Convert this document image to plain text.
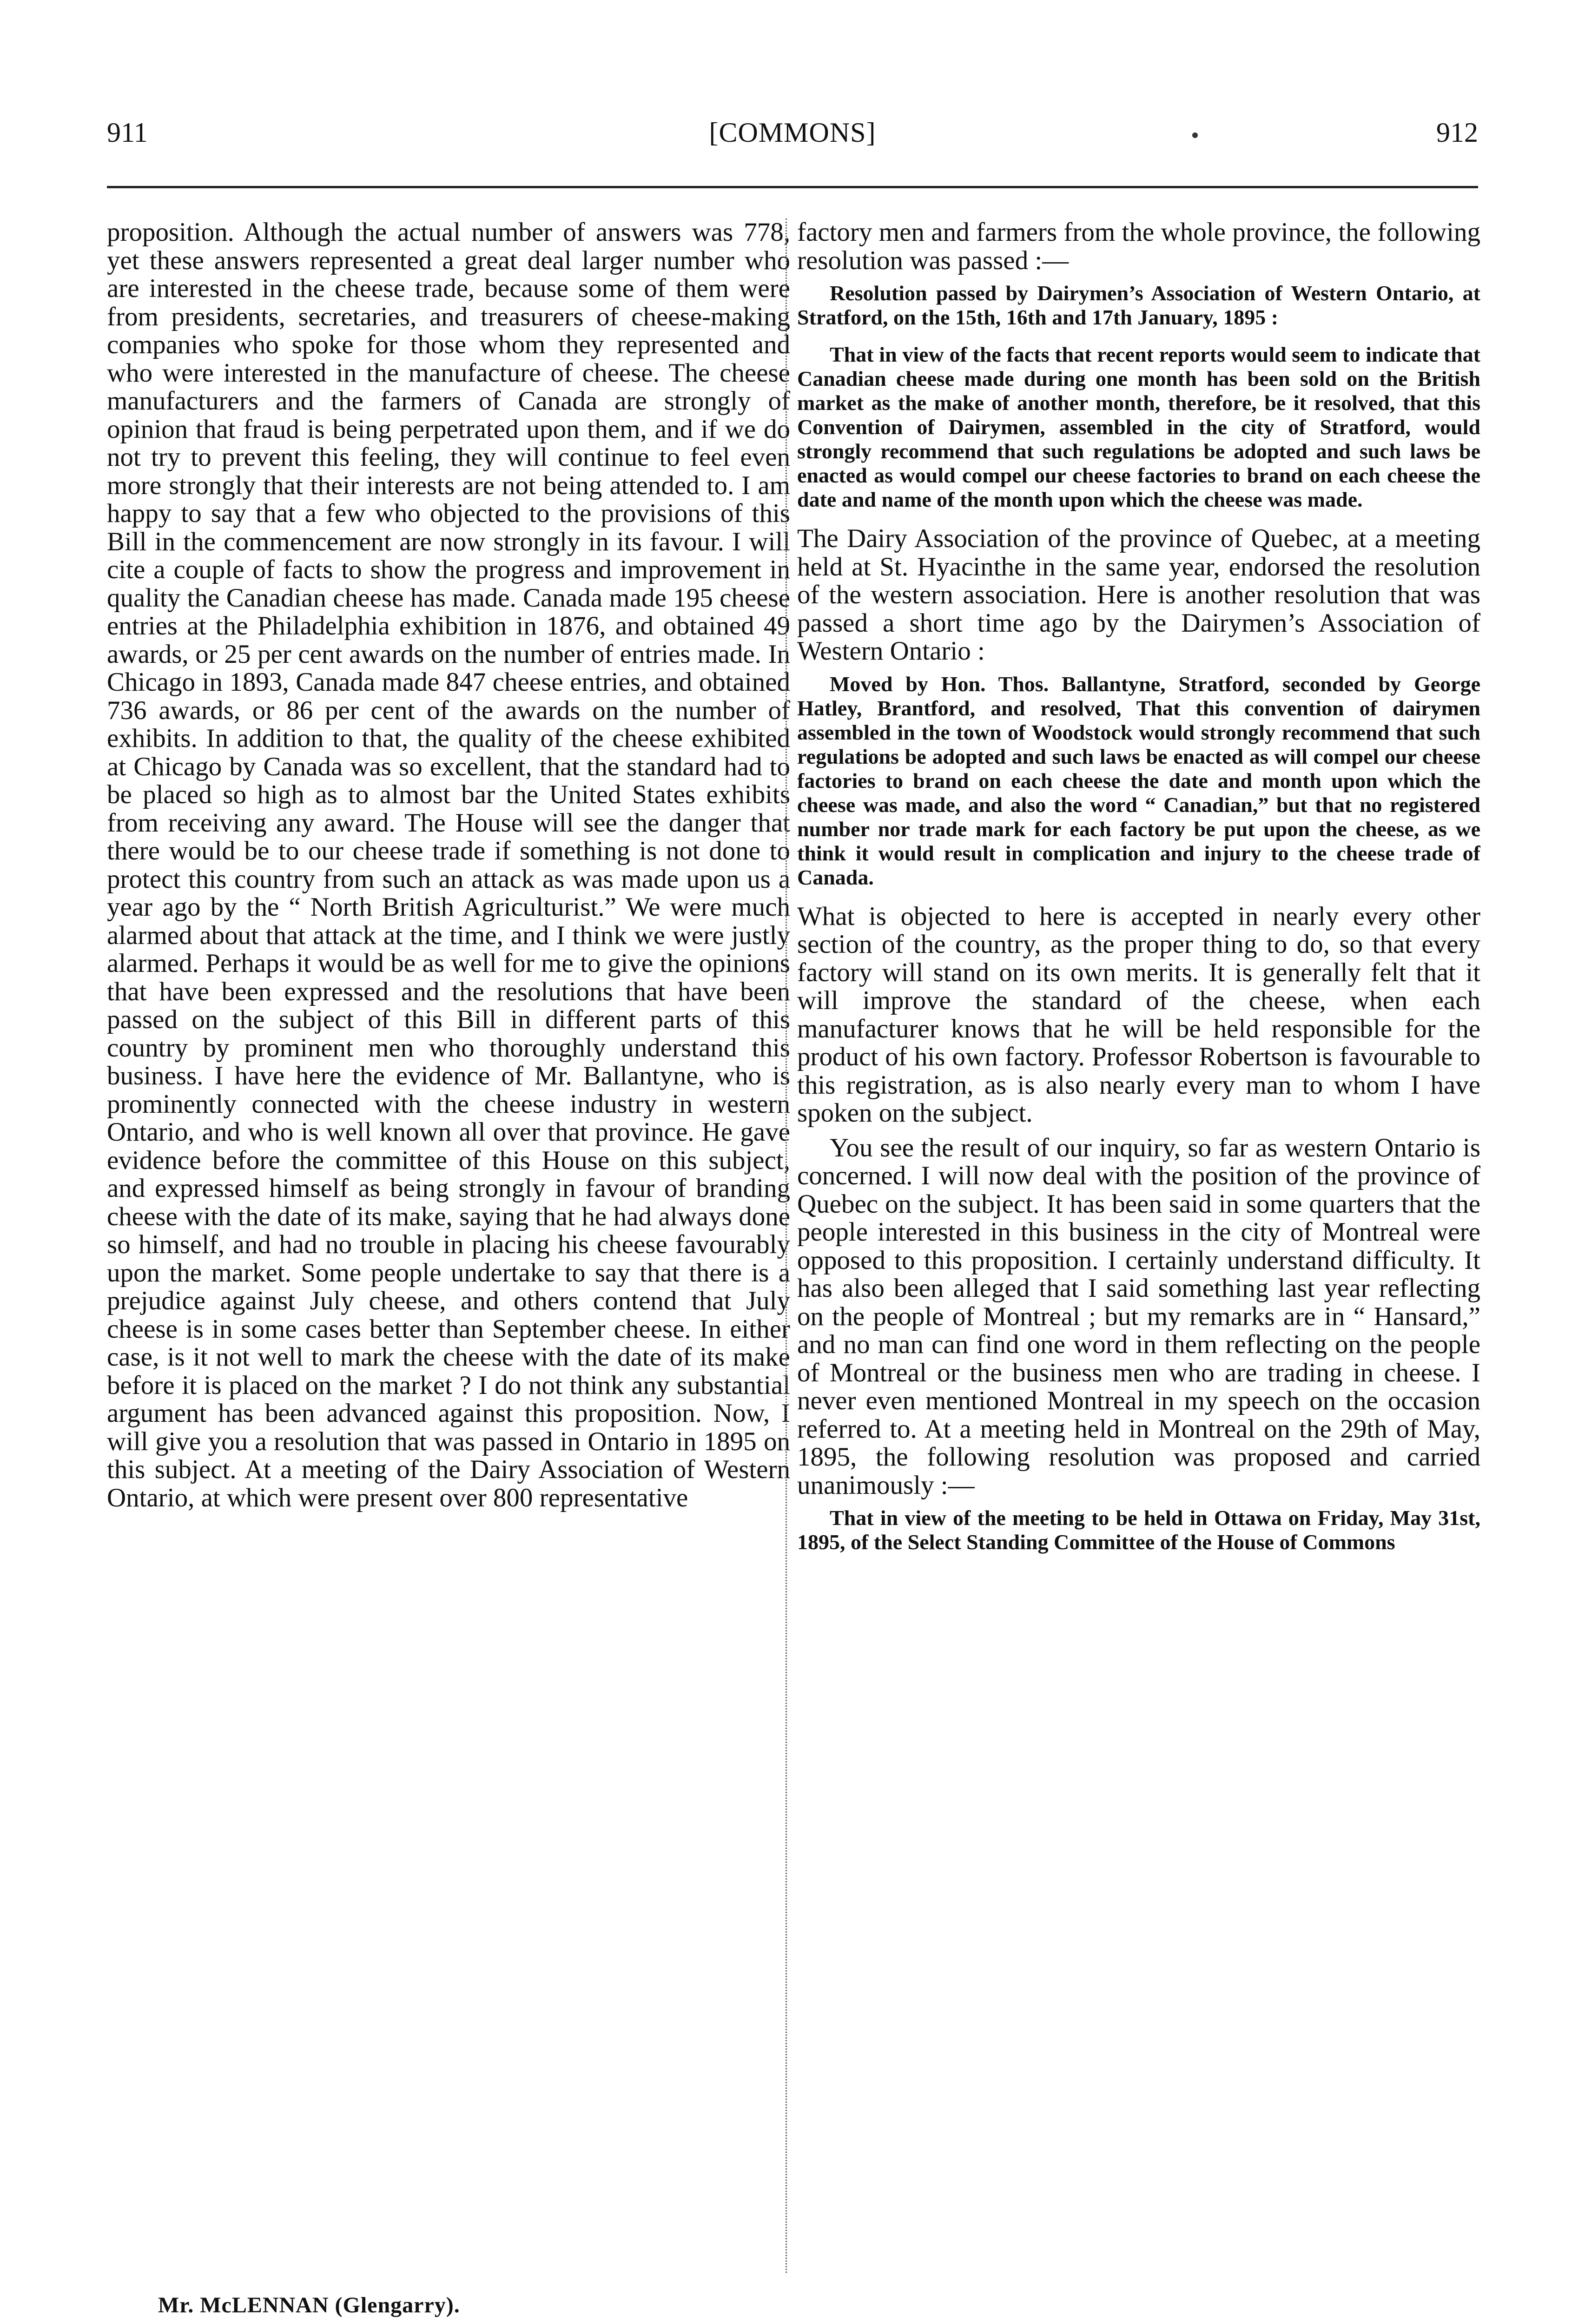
911	[COMMONS]	912

proposition. Although the actual number of answers was 778, yet these answers represented a great deal larger number who are interested in the cheese trade, because some of them were from presidents, secretaries, and treasurers of cheese-making companies who spoke for those whom they represented and who were interested in the manufacture of cheese. The cheese manufacturers and the farmers of Canada are strongly of opinion that fraud is being perpetrated upon them, and if we do not try to prevent this feeling, they will continue to feel even more strongly that their interests are not being attended to. I am happy to say that a few who objected to the provisions of this Bill in the commencement are now strongly in its favour. I will cite a couple of facts to show the progress and improvement in quality the Canadian cheese has made. Canada made 195 cheese entries at the Philadelphia exhibition in 1876, and obtained 49 awards, or 25 per cent awards on the number of entries made. In Chicago in 1893, Canada made 847 cheese entries, and obtained 736 awards, or 86 per cent of the awards on the number of exhibits. In addition to that, the quality of the cheese exhibited at Chicago by Canada was so excellent, that the standard had to be placed so high as to almost bar the United States exhibits from receiving any award. The House will see the danger that there would be to our cheese trade if something is not done to protect this country from such an attack as was made upon us a year ago by the “ North British Agriculturist.” We were much alarmed about that attack at the time, and I think we were justly alarmed. Perhaps it would be as well for me to give the opinions that have been expressed and the resolutions that have been passed on the subject of this Bill in different parts of this country by prominent men who thoroughly understand this business. I have here the evidence of Mr. Ballantyne, who is prominently connected with the cheese industry in western Ontario, and who is well known all over that province. He gave evidence before the committee of this House on this subject, and expressed himself as being strongly in favour of branding cheese with the date of its make, saying that he had always done so himself, and had no trouble in placing his cheese favourably upon the market. Some people undertake to say that there is a prejudice against July cheese, and others contend that July cheese is in some cases better than September cheese. In either case, is it not well to mark the cheese with the date of its make before it is placed on the market ? I do not think any substantial argument has been advanced against this proposition. Now, I will give you a resolution that was passed in Ontario in 1895 on this subject. At a meeting of the Dairy Association of Western Ontario, at which were present over 800 representative

factory men and farmers from the whole province, the following resolution was passed :—

Resolution passed by Dairymen’s Association of Western Ontario, at Stratford, on the 15th, 16th and 17th January, 1895 :

That in view of the facts that recent reports would seem to indicate that Canadian cheese made during one month has been sold on the British market as the make of another month, therefore, be it resolved, that this Convention of Dairymen, assembled in the city of Stratford, would strongly recommend that such regulations be adopted and such laws be enacted as would compel our cheese factories to brand on each cheese the date and name of the month upon which the cheese was made.

The Dairy Association of the province of Quebec, at a meeting held at St. Hyacinthe in the same year, endorsed the resolution of the western association. Here is another resolution that was passed a short time ago by the Dairymen’s Association of Western Ontario :

Moved by Hon. Thos. Ballantyne, Stratford, seconded by George Hatley, Brantford, and resolved, That this convention of dairymen assembled in the town of Woodstock would strongly recommend that such regulations be adopted and such laws be enacted as will compel our cheese factories to brand on each cheese the date and month upon which the cheese was made, and also the word “ Canadian,” but that no registered number nor trade mark for each factory be put upon the cheese, as we think it would result in complication and injury to the cheese trade of Canada.

What is objected to here is accepted in nearly every other section of the country, as the proper thing to do, so that every factory will stand on its own merits. It is generally felt that it will improve the standard of the cheese, when each manufacturer knows that he will be held responsible for the product of his own factory. Professor Robertson is favourable to this registration, as is also nearly every man to whom I have spoken on the subject.

You see the result of our inquiry, so far as western Ontario is concerned. I will now deal with the position of the province of Quebec on the subject. It has been said in some quarters that the people interested in this business in the city of Montreal were opposed to this proposition. I certainly understand difficulty. It has also been alleged that I said something last year reflecting on the people of Montreal ; but my remarks are in “ Hansard,” and no man can find one word in them reflecting on the people of Montreal or the business men who are trading in cheese. I never even mentioned Montreal in my speech on the occasion referred to. At a meeting held in Montreal on the 29th of May, 1895, the following resolution was proposed and carried unanimously :—

That in view of the meeting to be held in Ottawa on Friday, May 31st, 1895, of the Select Standing Committee of the House of Commons

Mr. McLENNAN (Glengarry).
